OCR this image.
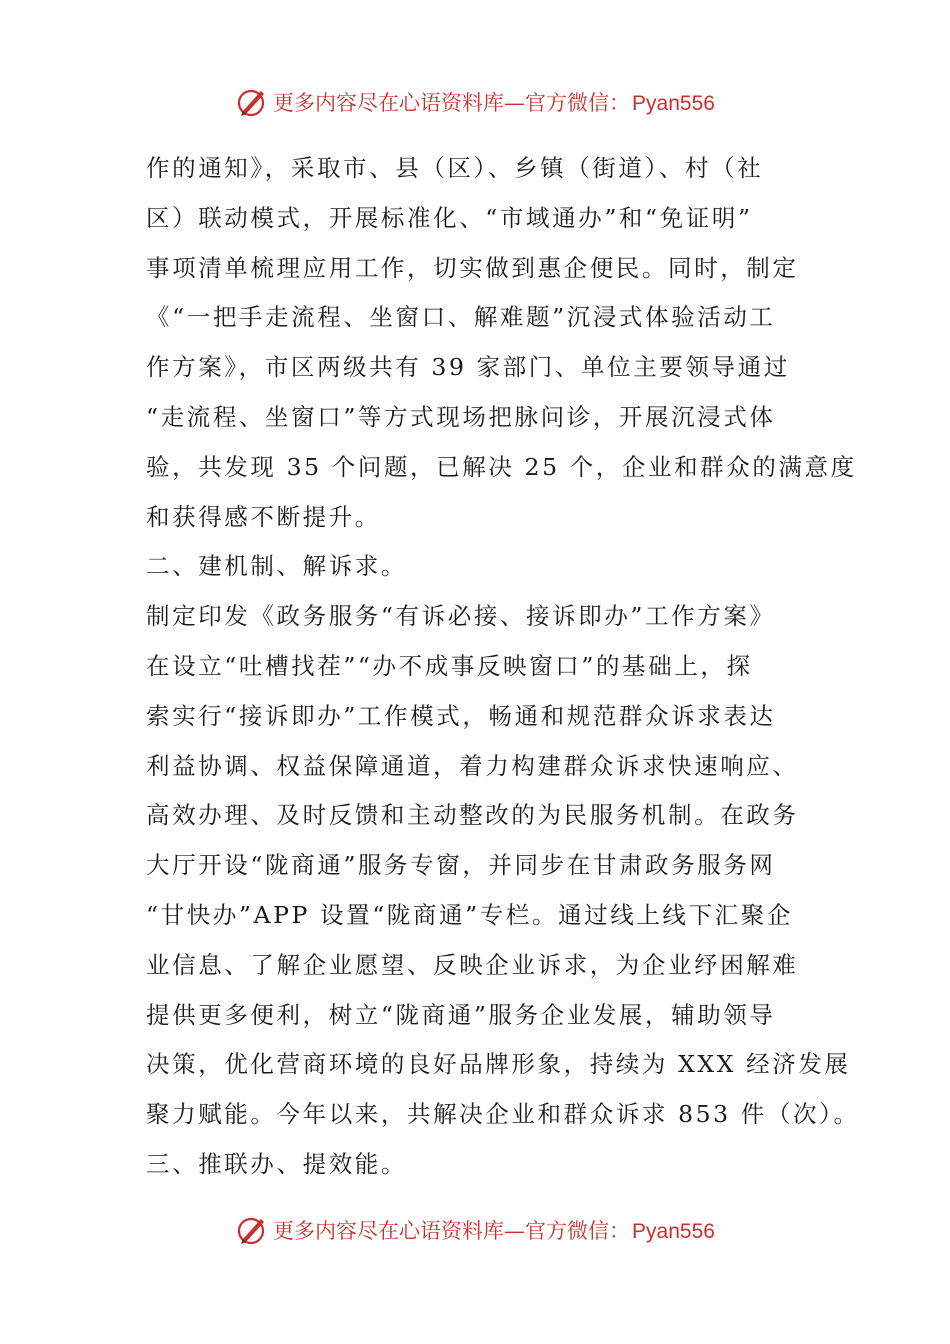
更多内容尽在心语资料库—官方微信：Pyan556
作的通知》，采取市、县（区）、乡镇（街道）、村（社
区）联动模式，开展标准化、“市域通办”和“免证明”
事项清单梳理应用工作，切实做到惠企便民。同时，制定
《“一把手走流程、坐窗口、解难题”沉浸式体验活动工
作方案》，市区两级共有 39 家部门、单位主要领导通过
“走流程、坐窗口”等方式现场把脉问诊，开展沉浸式体
验，共发现 35 个问题，已解决 25 个，企业和群众的满意度
和获得感不断提升。
二、建机制、解诉求。
制定印发《政务服务“有诉必接、接诉即办”工作方案》
在设立“吐槽找茬”“办不成事反映窗口”的基础上，探
索实行“接诉即办”工作模式，畅通和规范群众诉求表达
利益协调、权益保障通道，着力构建群众诉求快速响应、
高效办理、及时反馈和主动整改的为民服务机制。在政务
大厅开设“陇商通”服务专窗，并同步在甘肃政务服务网
“甘快办”APP 设置“陇商通”专栏。通过线上线下汇聚企
业信息、了解企业愿望、反映企业诉求，为企业纾困解难
提供更多便利，树立“陇商通”服务企业发展，辅助领导
决策，优化营商环境的良好品牌形象，持续为 XXX 经济发展
聚力赋能。今年以来，共解决企业和群众诉求 853 件（次）。
三、推联办、提效能。
更多内容尽在心语资料库—官方微信：Pyan556
